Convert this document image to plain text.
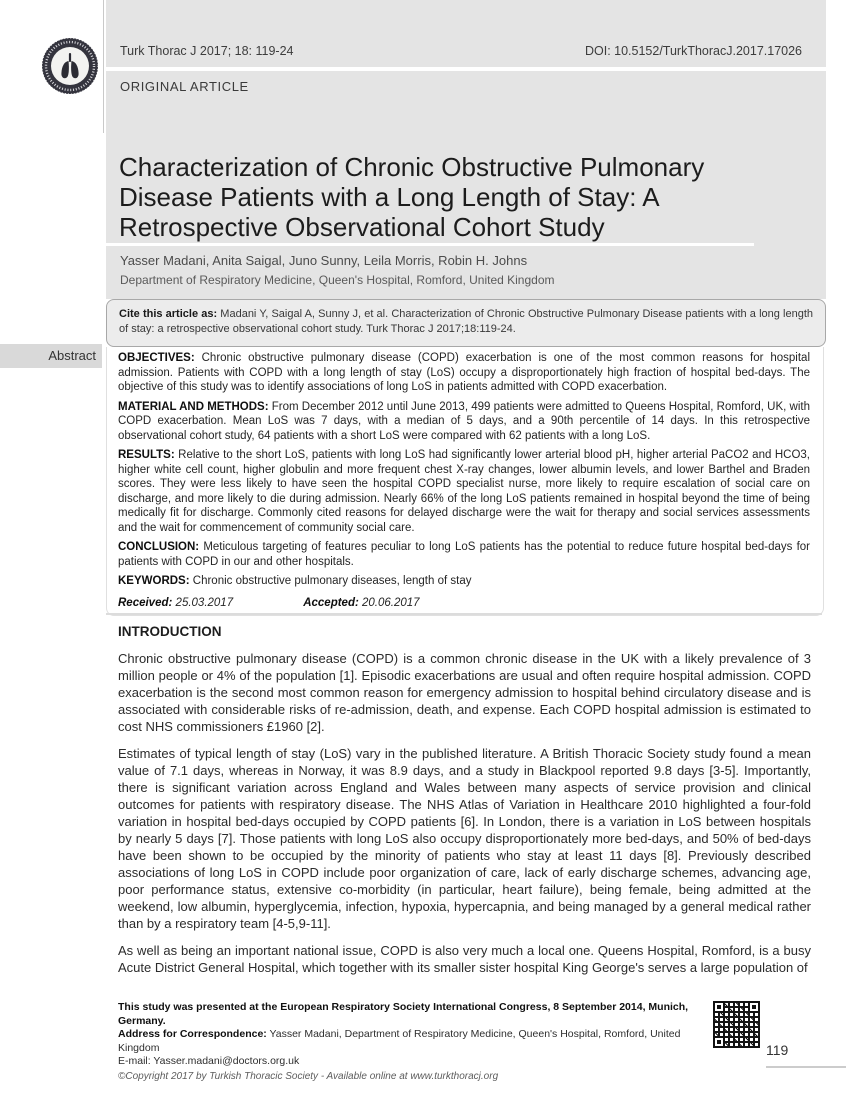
Turk Thorac J 2017; 18: 119-24	DOI: 10.5152/TurkThoracJ.2017.17026
ORIGINAL ARTICLE
Characterization of Chronic Obstructive Pulmonary Disease Patients with a Long Length of Stay: A Retrospective Observational Cohort Study
Yasser Madani, Anita Saigal, Juno Sunny, Leila Morris, Robin H. Johns
Department of Respiratory Medicine, Queen's Hospital, Romford, United Kingdom
Cite this article as: Madani Y, Saigal A, Sunny J, et al. Characterization of Chronic Obstructive Pulmonary Disease patients with a long length of stay: a retrospective observational cohort study. Turk Thorac J 2017;18:119-24.
Abstract	OBJECTIVES: Chronic obstructive pulmonary disease (COPD) exacerbation is one of the most common reasons for hospital admission. Patients with COPD with a long length of stay (LoS) occupy a disproportionately high fraction of hospital bed-days. The objective of this study was to identify associations of long LoS in patients admitted with COPD exacerbation.

MATERIAL AND METHODS: From December 2012 until June 2013, 499 patients were admitted to Queens Hospital, Romford, UK, with COPD exacerbation. Mean LoS was 7 days, with a median of 5 days, and a 90th percentile of 14 days. In this retrospective observational cohort study, 64 patients with a short LoS were compared with 62 patients with a long LoS.

RESULTS: Relative to the short LoS, patients with long LoS had significantly lower arterial blood pH, higher arterial PaCO2 and HCO3, higher white cell count, higher globulin and more frequent chest X-ray changes, lower albumin levels, and lower Barthel and Braden scores. They were less likely to have seen the hospital COPD specialist nurse, more likely to require escalation of social care on discharge, and more likely to die during admission. Nearly 66% of the long LoS patients remained in hospital beyond the time of being medically fit for discharge. Commonly cited reasons for delayed discharge were the wait for therapy and social services assessments and the wait for commencement of community social care.

CONCLUSION: Meticulous targeting of features peculiar to long LoS patients has the potential to reduce future hospital bed-days for patients with COPD in our and other hospitals.

KEYWORDS: Chronic obstructive pulmonary diseases, length of stay

Received: 25.03.2017	Accepted: 20.06.2017
INTRODUCTION

Chronic obstructive pulmonary disease (COPD) is a common chronic disease in the UK with a likely prevalence of 3 million people or 4% of the population [1]. Episodic exacerbations are usual and often require hospital admission. COPD exacerbation is the second most common reason for emergency admission to hospital behind circulatory disease and is associated with considerable risks of re-admission, death, and expense. Each COPD hospital admission is estimated to cost NHS commissioners £1960 [2].

Estimates of typical length of stay (LoS) vary in the published literature. A British Thoracic Society study found a mean value of 7.1 days, whereas in Norway, it was 8.9 days, and a study in Blackpool reported 9.8 days [3-5]. Importantly, there is significant variation across England and Wales between many aspects of service provision and clinical outcomes for patients with respiratory disease. The NHS Atlas of Variation in Healthcare 2010 highlighted a four-fold variation in hospital bed-days occupied by COPD patients [6]. In London, there is a variation in LoS between hospitals by nearly 5 days [7]. Those patients with long LoS also occupy disproportionately more bed-days, and 50% of bed-days have been shown to be occupied by the minority of patients who stay at least 11 days [8]. Previously described associations of long LoS in COPD include poor organization of care, lack of early discharge schemes, advancing age, poor performance status, extensive co-morbidity (in particular, heart failure), being female, being admitted at the weekend, low albumin, hyperglycemia, infection, hypoxia, hypercapnia, and being managed by a general medical rather than by a respiratory team [4-5,9-11].

As well as being an important national issue, COPD is also very much a local one. Queens Hospital, Romford, is a busy Acute District General Hospital, which together with its smaller sister hospital King George's serves a large population of

This study was presented at the European Respiratory Society International Congress, 8 September 2014, Munich, Germany.
Address for Correspondence: Yasser Madani, Department of Respiratory Medicine, Queen's Hospital, Romford, United Kingdom
E-mail: Yasser.madani@doctors.org.uk
©Copyright 2017 by Turkish Thoracic Society - Available online at www.turkthoracj.org
119
